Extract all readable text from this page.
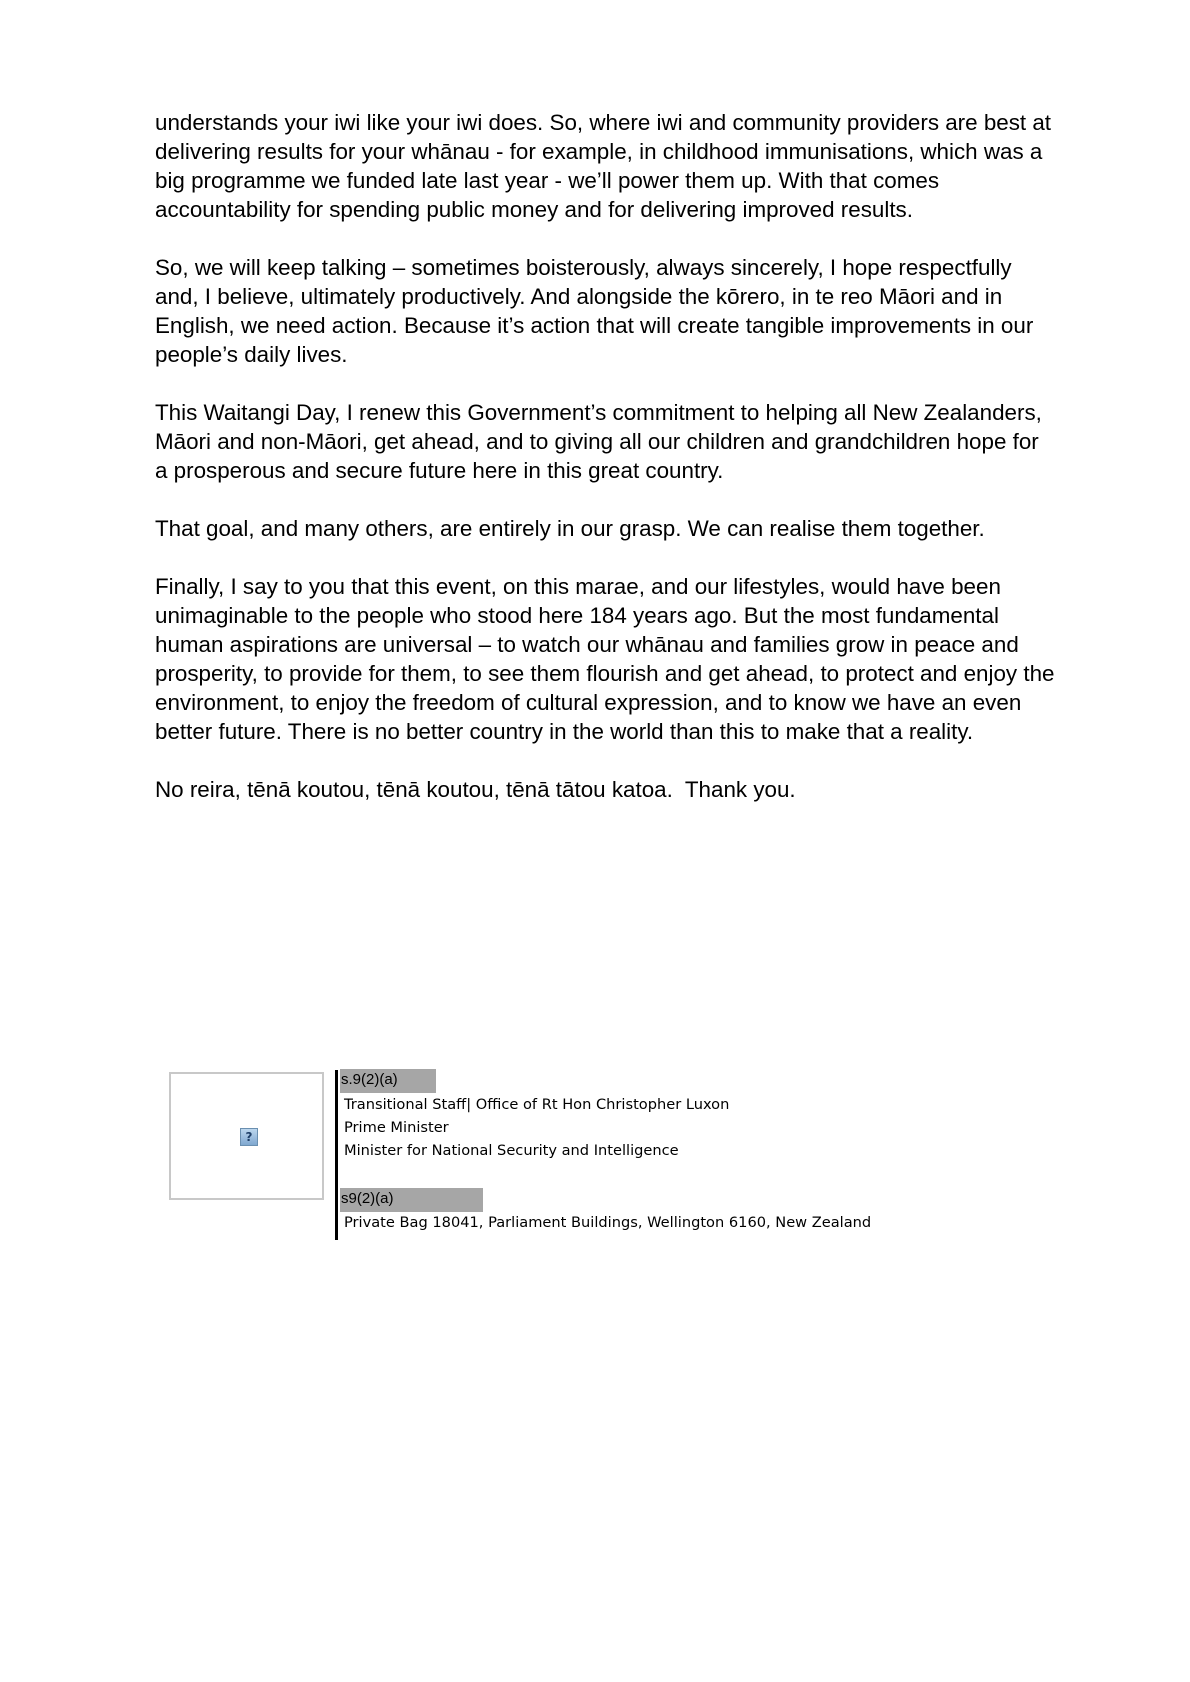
understands your iwi like your iwi does. So, where iwi and community providers are best at delivering results for your whānau - for example, in childhood immunisations, which was a big programme we funded late last year - we’ll power them up. With that comes accountability for spending public money and for delivering improved results.

So, we will keep talking – sometimes boisterously, always sincerely, I hope respectfully and, I believe, ultimately productively. And alongside the kōrero, in te reo Māori and in English, we need action. Because it’s action that will create tangible improvements in our people’s daily lives.

This Waitangi Day, I renew this Government’s commitment to helping all New Zealanders, Māori and non-Māori, get ahead, and to giving all our children and grandchildren hope for a prosperous and secure future here in this great country.

That goal, and many others, are entirely in our grasp. We can realise them together.

Finally, I say to you that this event, on this marae, and our lifestyles, would have been unimaginable to the people who stood here 184 years ago. But the most fundamental human aspirations are universal – to watch our whānau and families grow in peace and prosperity, to provide for them, to see them flourish and get ahead, to protect and enjoy the environment, to enjoy the freedom of cultural expression, and to know we have an even better future. There is no better country in the world than this to make that a reality.

No reira, tēnā koutou, tēnā koutou, tēnā tātou katoa.  Thank you.

?
s.9(2)(a)
Transitional Staff| Office of Rt Hon Christopher Luxon
Prime Minister
Minister for National Security and Intelligence
s9(2)(a)
Private Bag 18041, Parliament Buildings, Wellington 6160, New Zealand
